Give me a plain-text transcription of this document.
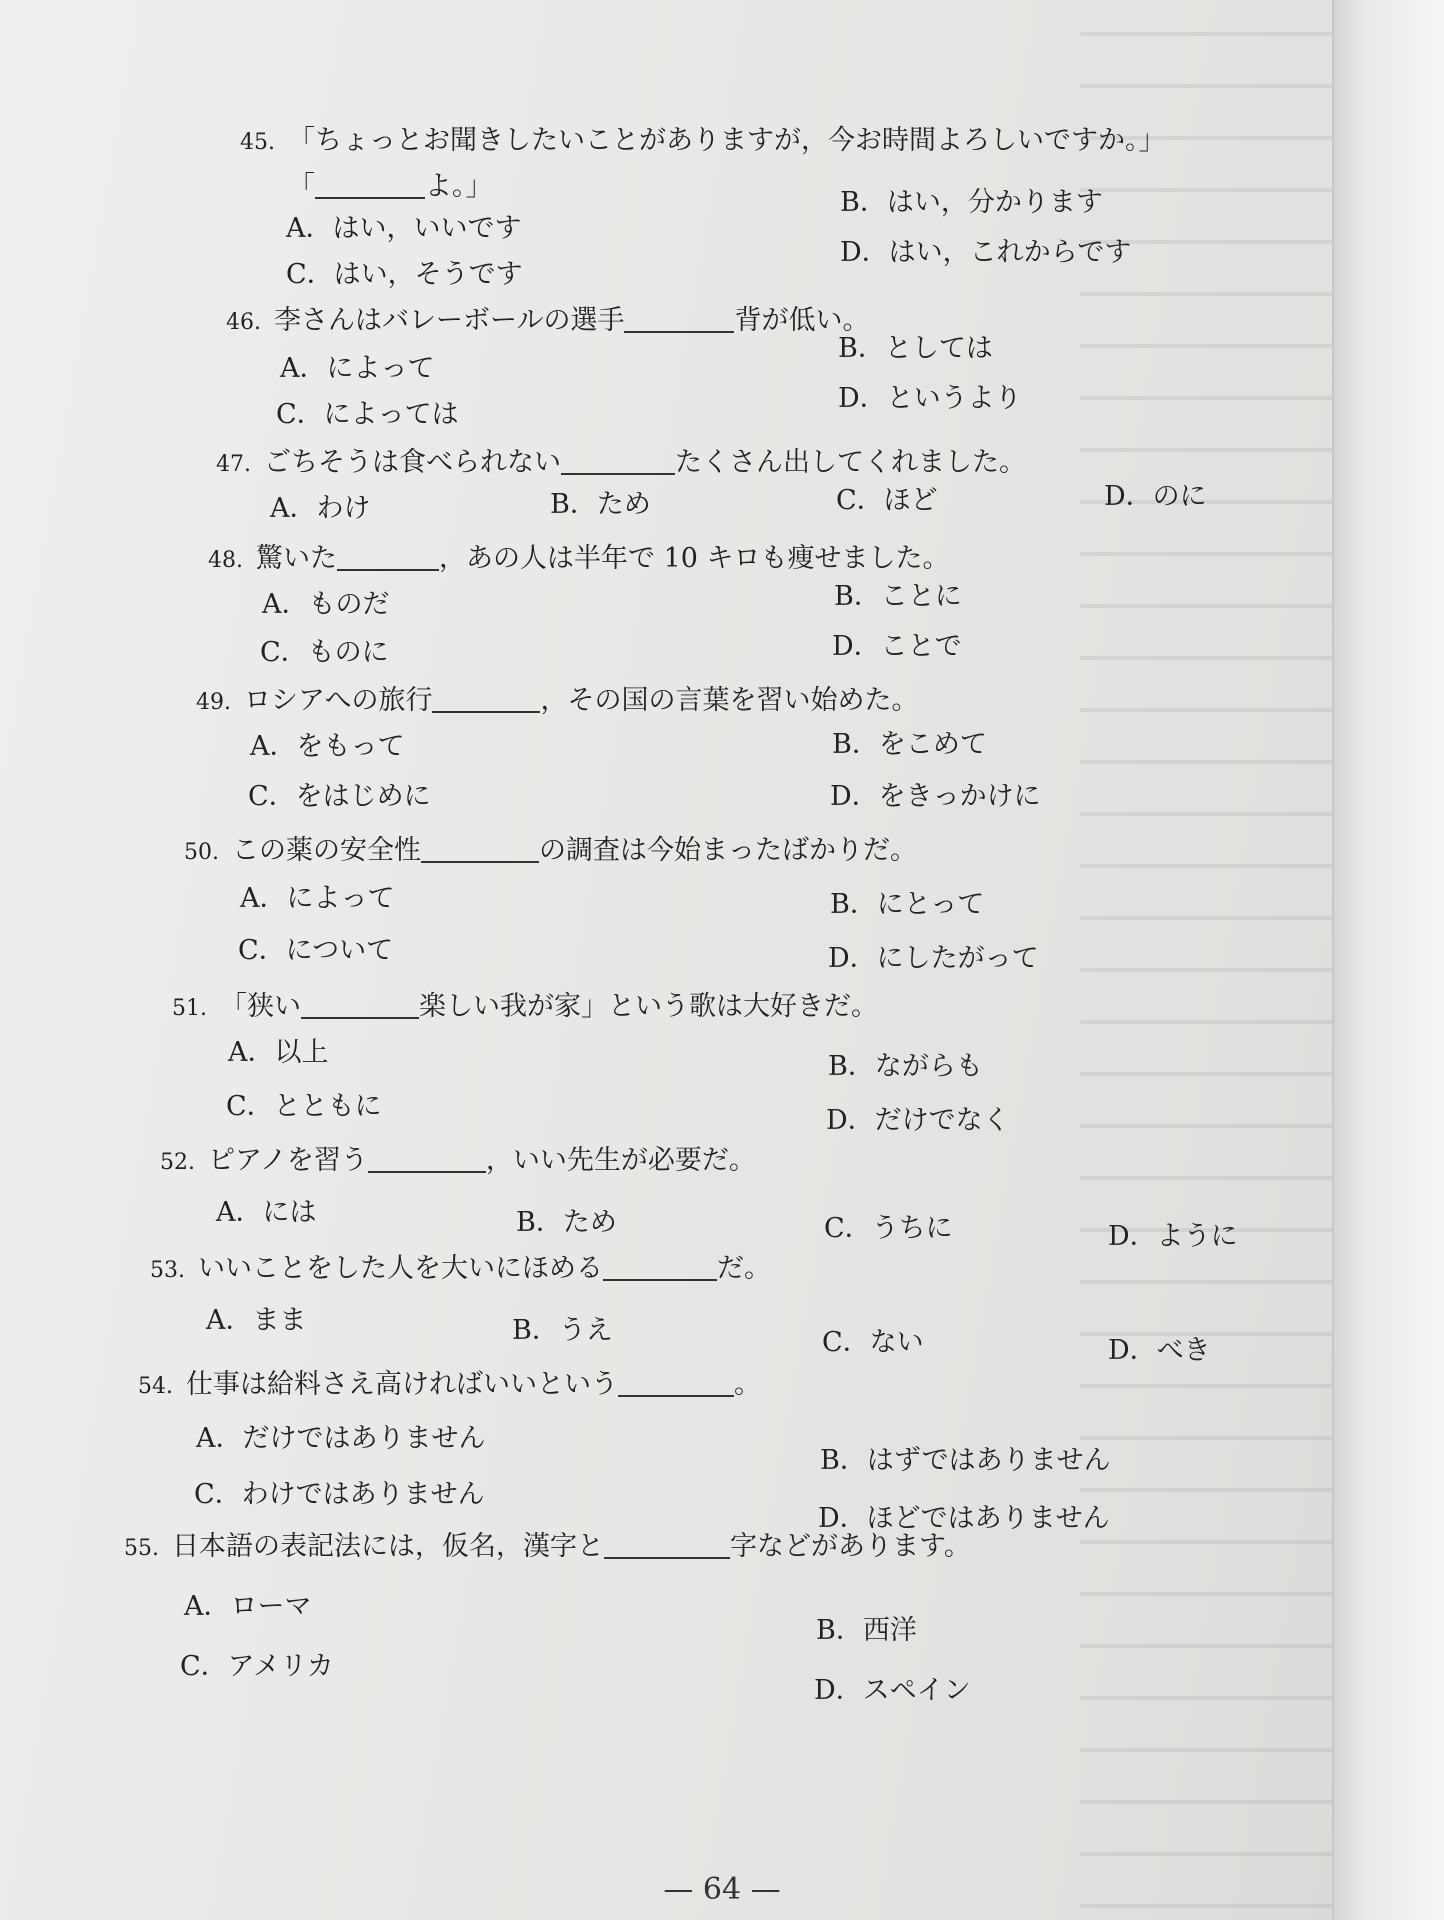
45. 「ちょっとお聞きしたいことがありますが，今お時間よろしいですか。」
「	よ。」
A．はい，いいです
B．はい，分かります
C．はい，そうです
D．はい，これからです
46. 李さんはバレーボールの選手	背が低い。
A．によって
B．としては
C．によっては
D．というより
47. ごちそうは食べられない	たくさん出してくれました。
A．わけ	B．ため	C．ほど	D．のに
48. 驚いた	，あの人は半年で 10 キロも痩せました。
A．ものだ	B．ことに
C．ものに	D．ことで
49. ロシアへの旅行	，その国の言葉を習い始めた。
A．をもって	B．をこめて
C．をはじめに	D．をきっかけに
50. この薬の安全性	の調査は今始まったばかりだ。
A．によって	B．にとって
C．について	D．にしたがって
51. 「狭い	楽しい我が家」という歌は大好きだ。
A．以上	B．ながらも
C．とともに	D．だけでなく
52. ピアノを習う	，いい先生が必要だ。
A．には	B．ため	C．うちに	D．ように
53. いいことをした人を大いにほめる	だ。
A．まま	B．うえ	C．ない	D．べき
54. 仕事は給料さえ高ければいいという	。
A．だけではありません
B．はずではありません
C．わけではありません
D．ほどではありません
55. 日本語の表記法には，仮名，漢字と	字などがあります。
A．ローマ
B．西洋
C．アメリカ
D．スペイン
— 64 —
